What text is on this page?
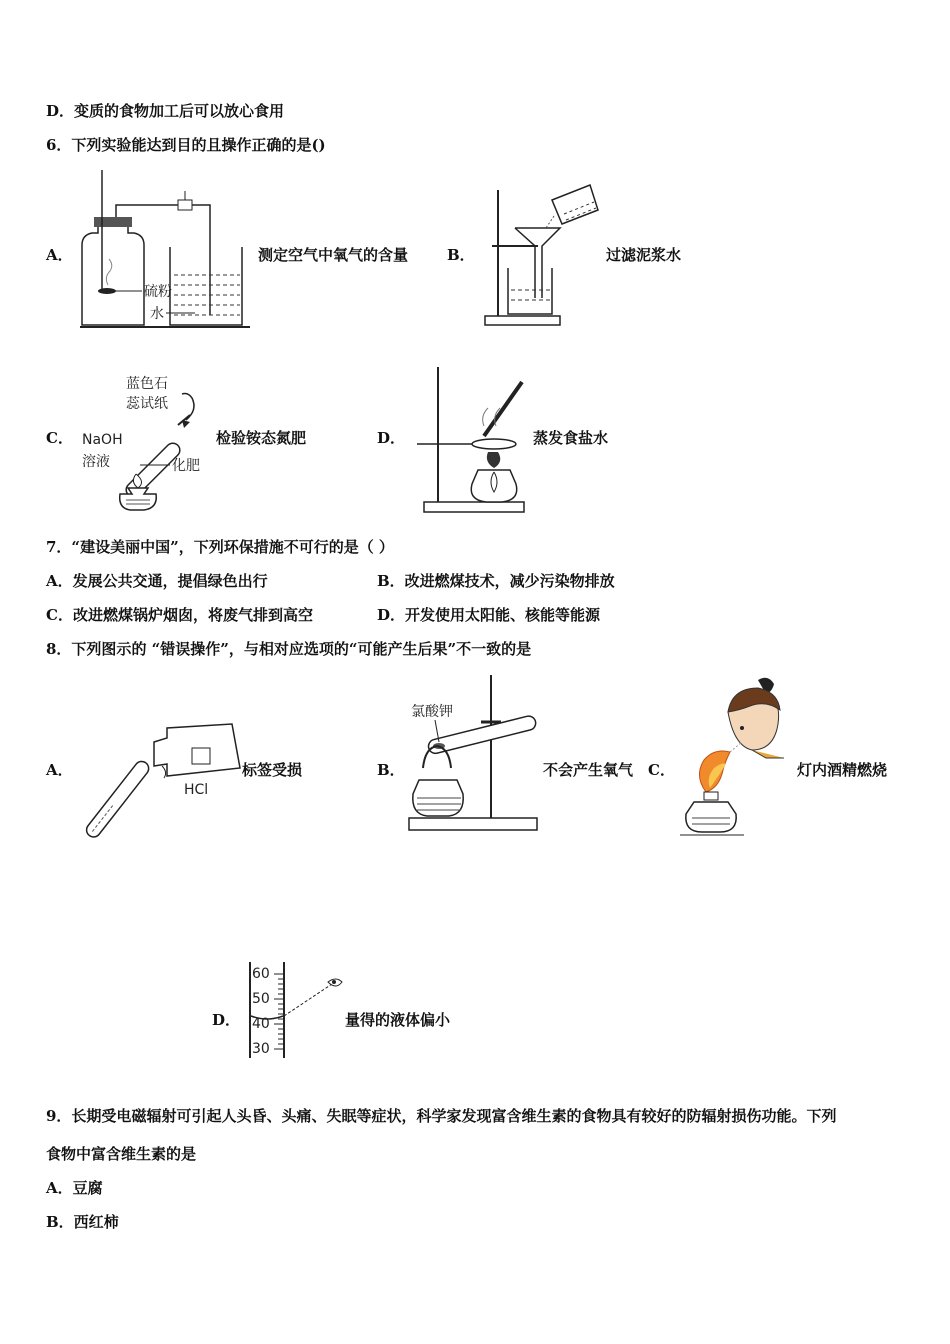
D．变质的食物加工后可以放心食用
6．下列实验能达到目的且操作正确的是()
A．
硫粉
水
测定空气中氧气的含量	B．	过滤泥浆水
C．
蓝色石
蕊试纸
NaOH
溶液	化肥
检验铵态氮肥	D．	蒸发食盐水
7．“建设美丽中国”，下列环保措施不可行的是（ ）
A．发展公共交通，提倡绿色出行	B．改进燃煤技术，减少污染物排放
C．改进燃煤锅炉烟囱，将废气排到高空	D．开发使用太阳能、核能等能源
8．下列图示的 “错误操作”，与相对应选项的“可能产生后果”不一致的是
A．
HCl
标签受损	B．
氯酸钾
不会产生氧气 C．	灯内酒精燃烧
D．
60
50
40
30
量得的液体偏小
9．长期受电磁辐射可引起人头昏、头痛、失眠等症状，科学家发现富含维生素的食物具有较好的防辐射损伤功能。下列
食物中富含维生素的是
A．豆腐
B．西红柿
